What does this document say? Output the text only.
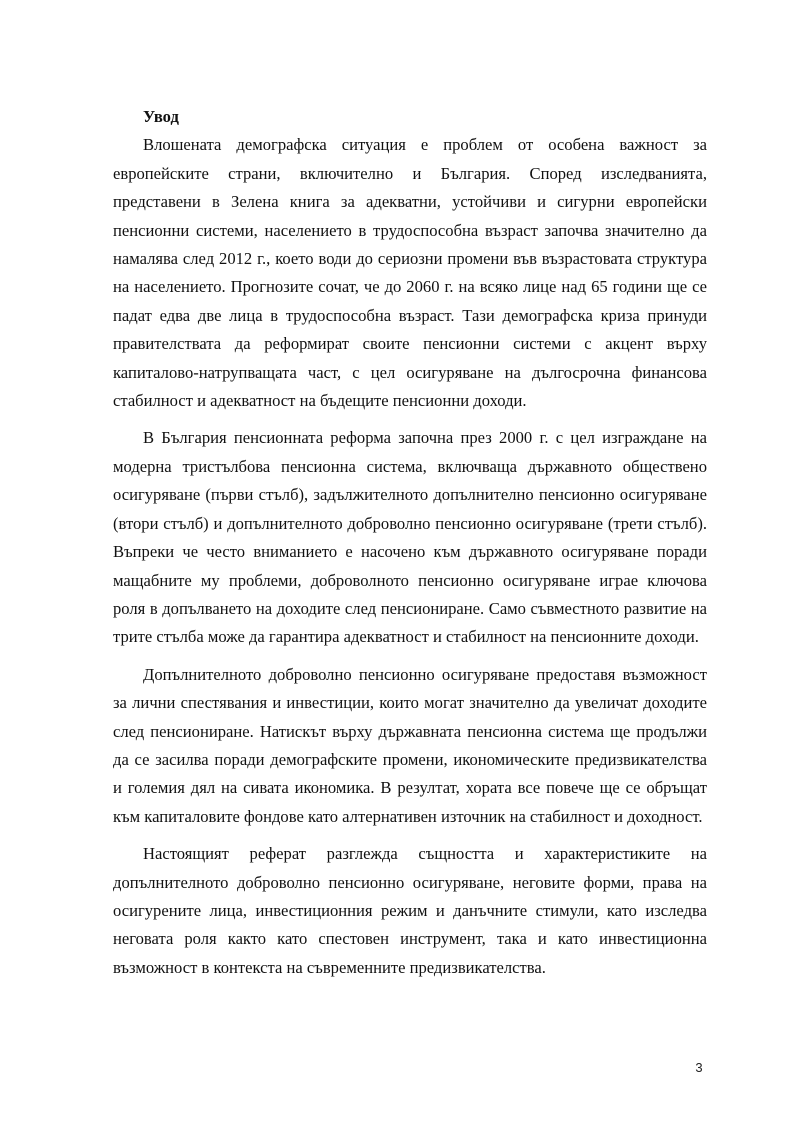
Увод

Влошената демографска ситуация е проблем от особена важност за европейските страни, включително и България. Според изследванията, представени в Зелена книга за адекватни, устойчиви и сигурни европейски пенсионни системи, населението в трудоспособна възраст започва значително да намалява след 2012 г., което води до сериозни промени във възрастовата структура на населението. Прогнозите сочат, че до 2060 г. на всяко лице над 65 години ще се падат едва две лица в трудоспособна възраст. Тази демографска криза принуди правителствата да реформират своите пенсионни системи с акцент върху капиталово-натрупващата част, с цел осигуряване на дългосрочна финансова стабилност и адекватност на бъдещите пенсионни доходи.

В България пенсионната реформа започна през 2000 г. с цел изграждане на модерна тристълбова пенсионна система, включваща държавното обществено осигуряване (първи стълб), задължителното допълнително пенсионно осигуряване (втори стълб) и допълнителното доброволно пенсионно осигуряване (трети стълб). Въпреки че често вниманието е насочено към държавното осигуряване поради мащабните му проблеми, доброволното пенсионно осигуряване играе ключова роля в допълването на доходите след пенсиониране. Само съвместното развитие на трите стълба може да гарантира адекватност и стабилност на пенсионните доходи.

Допълнителното доброволно пенсионно осигуряване предоставя възможност за лични спестявания и инвестиции, които могат значително да увеличат доходите след пенсиониране. Натискът върху държавната пенсионна система ще продължи да се засилва поради демографските промени, икономическите предизвикателства и големия дял на сивата икономика. В резултат, хората все повече ще се обръщат към капиталовите фондове като алтернативен източник на стабилност и доходност.

Настоящият реферат разглежда същността и характеристиките на допълнителното доброволно пенсионно осигуряване, неговите форми, права на осигурените лица, инвестиционния режим и данъчните стимули, като изследва неговата роля както като спестовен инструмент, така и като инвестиционна възможност в контекста на съвременните предизвикателства.

3
